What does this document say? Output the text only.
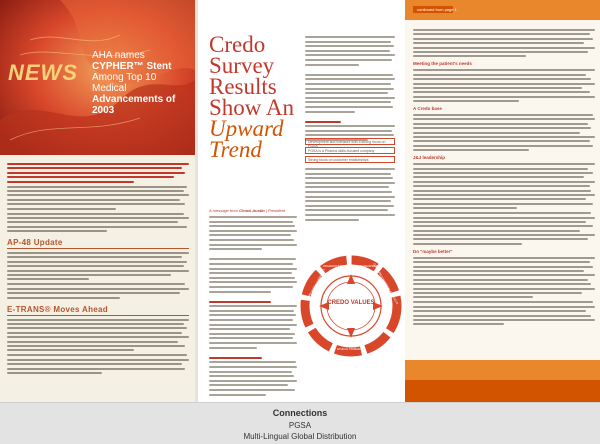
NEWS
AHA names
CYPHER™ Stent
Among Top 10
Medical
Advancements of 2003
AP-48 Update
E-TRANS® Moves Ahead
Credo
Survey
Results
Show An
Upward
Trend
A message from Chuck Austin | President
Development and licensure with a strong focus on PGSA
PGSA is a Pharma skills-focused company
Strong focus on customer relationships
CREDO VALUES
ORGANIZATIONAL & PEOPLE DEVELOPMENT
CUSTOMER & MARKETPLACE FOCUS
EMPLOYEE & COMMUNITY
ETHICAL STANDARDS
continued from page 1
Meeting the patient's needs
A Credo base
J&J leadership
Do "maybe better"
Connections
PGSA
Multi-Lingual Global Distribution
